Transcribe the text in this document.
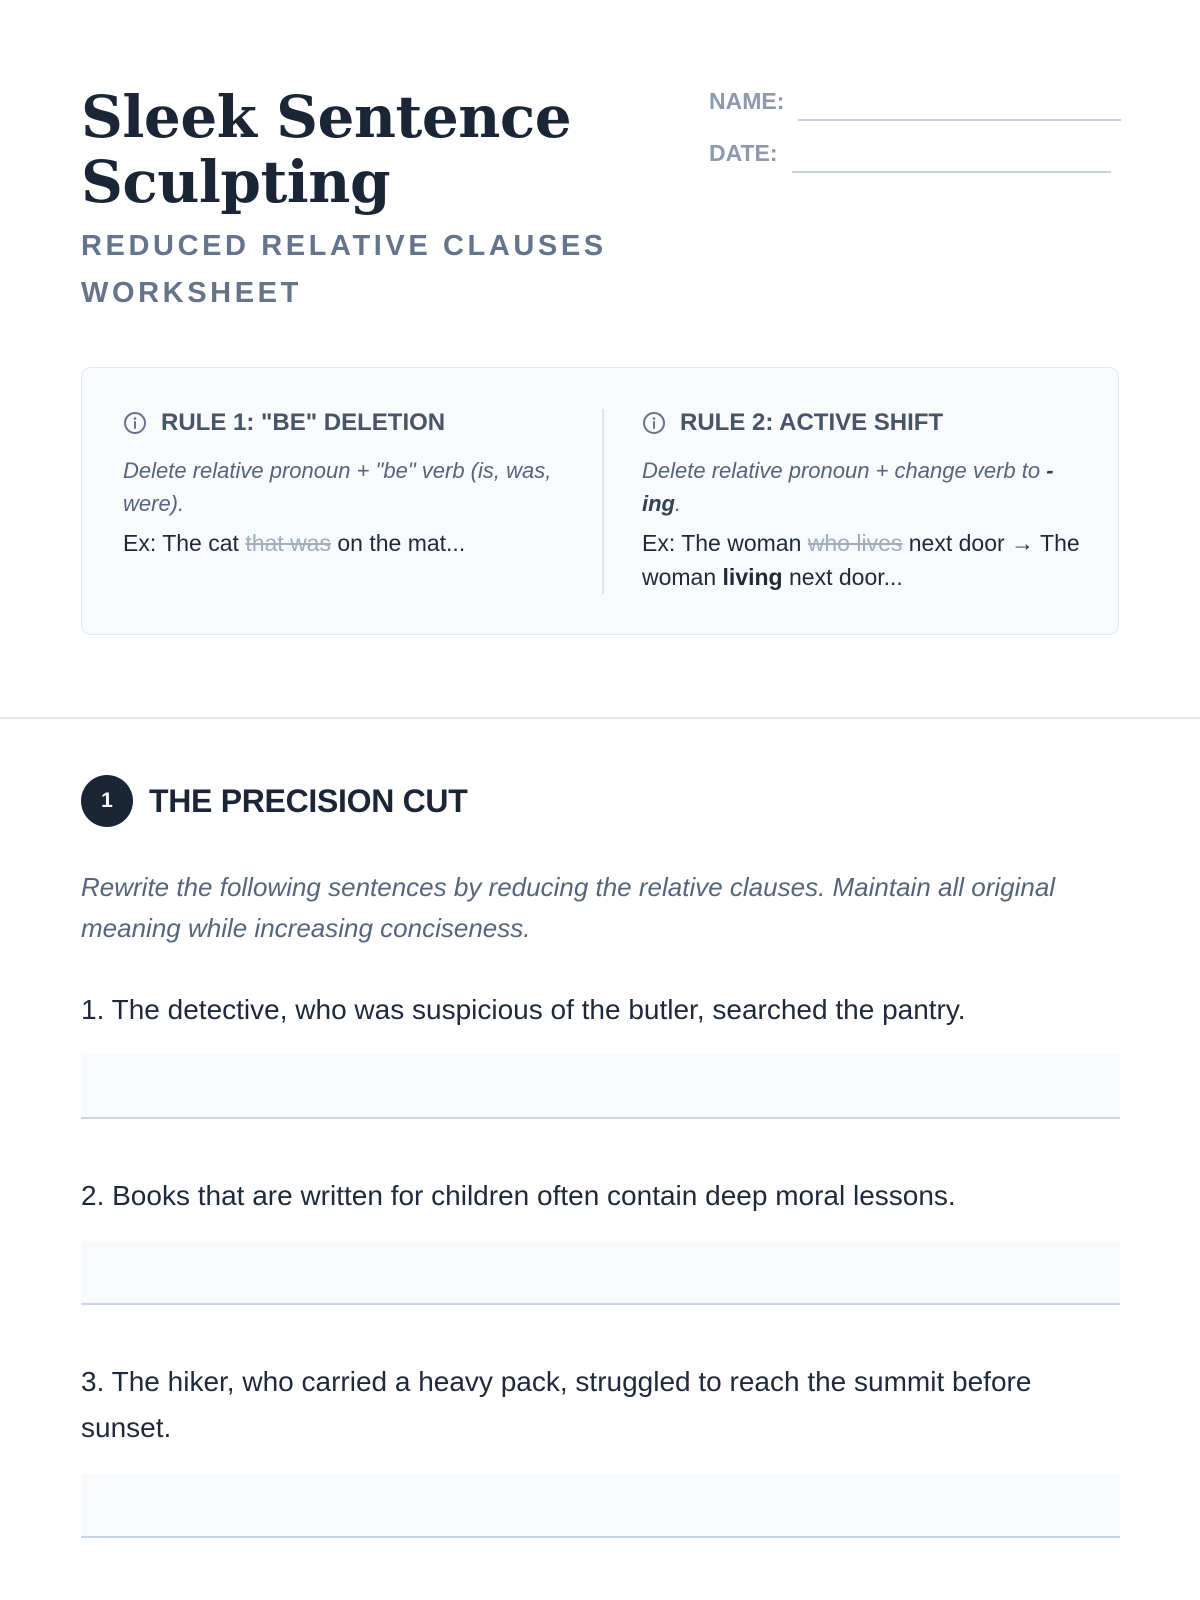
Sleek Sentence Sculpting
REDUCED RELATIVE CLAUSES WORKSHEET
NAME:
DATE:
RULE 1: "BE" DELETION
Delete relative pronoun + "be" verb (is, was, were).
Ex: The cat that was on the mat...
RULE 2: ACTIVE SHIFT
Delete relative pronoun + change verb to -ing.
Ex: The woman who lives next door → The woman living next door...
1	THE PRECISION CUT
Rewrite the following sentences by reducing the relative clauses. Maintain all original meaning while increasing conciseness.
1. The detective, who was suspicious of the butler, searched the pantry.
2. Books that are written for children often contain deep moral lessons.
3. The hiker, who carried a heavy pack, struggled to reach the summit before sunset.
